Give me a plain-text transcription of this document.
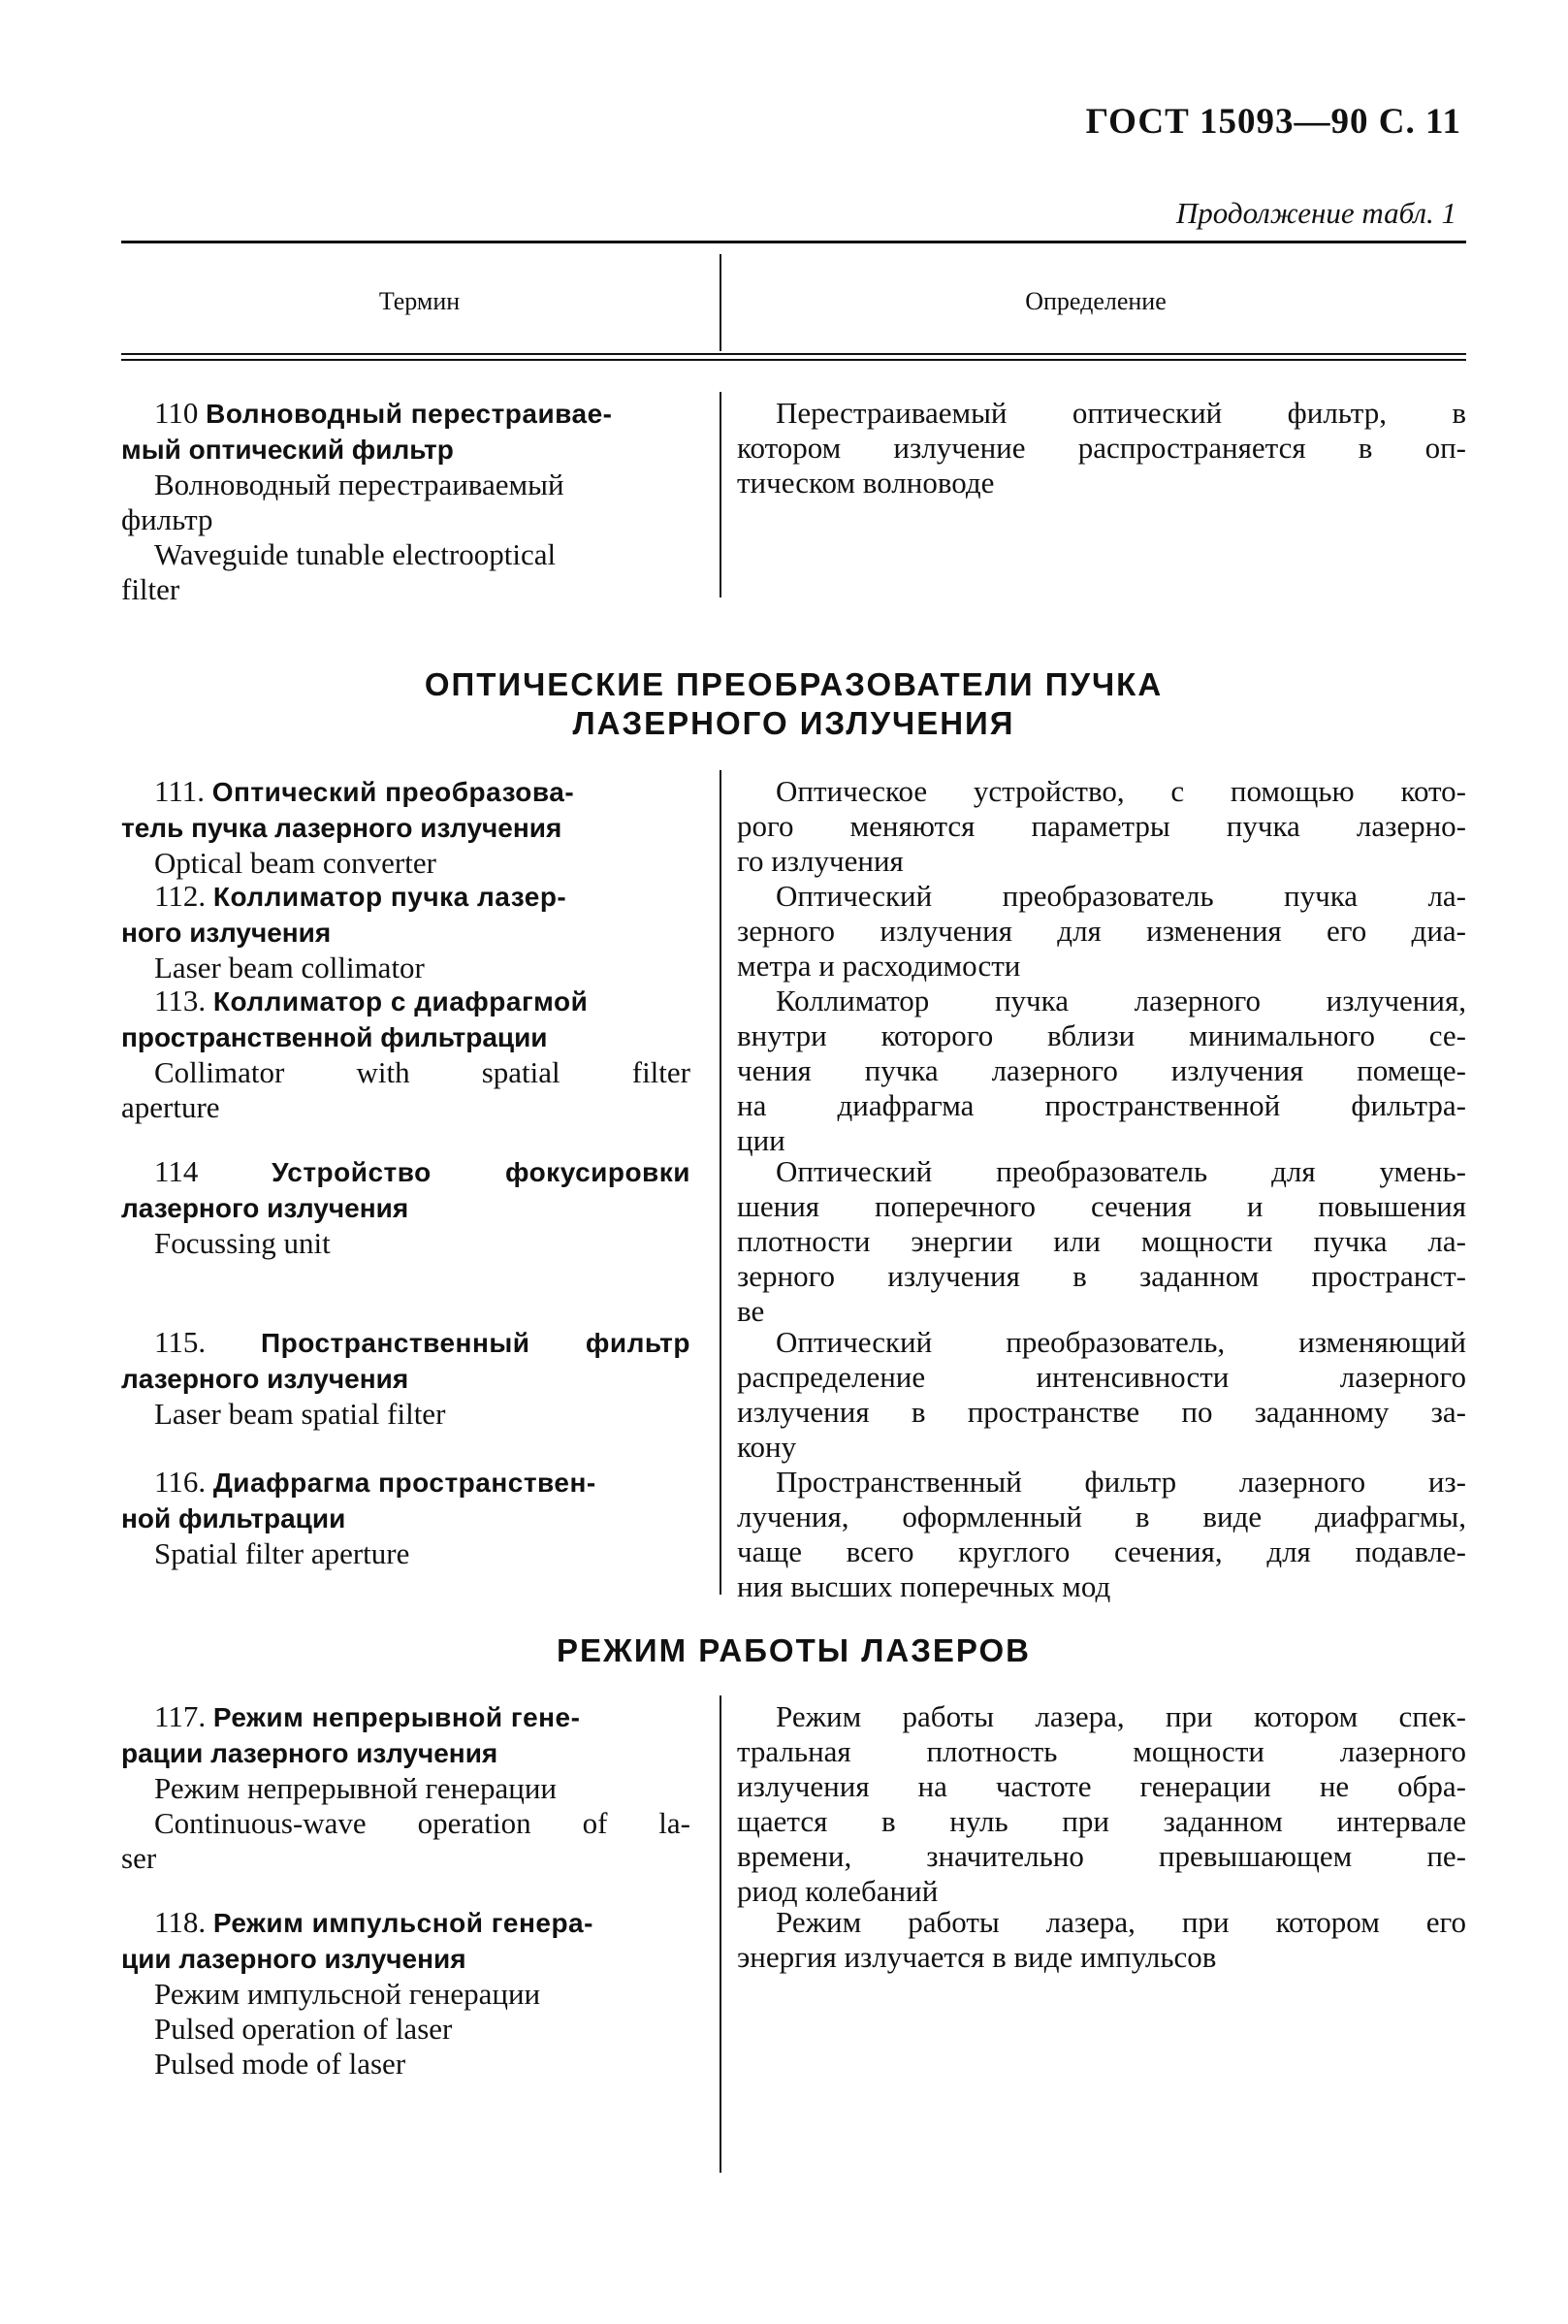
ГОСТ 15093—90 С. 11
Продолжение табл. 1
Термин	Определение
110 Волноводный перестраивае-
мый оптический фильтр
Волноводный перестраиваемый
фильтр
Waveguide tunable electrooptical
filter
Перестраиваемый оптический фильтр, в
котором излучение распространяется в оп-
тическом волноводе
ОПТИЧЕСКИЕ ПРЕОБРАЗОВАТЕЛИ ПУЧКА
ЛАЗЕРНОГО ИЗЛУЧЕНИЯ
111. Оптический преобразова-
тель пучка лазерного излучения
Optical beam converter
Оптическое устройство, с помощью кото-
рого меняются параметры пучка лазерно-
го излучения
112. Коллиматор пучка лазер-
ного излучения
Laser beam collimator
Оптический преобразователь пучка ла-
зерного излучения для изменения его диа-
метра и расходимости
113. Коллиматор с диафрагмой
пространственной фильтрации
Collimator with spatial filter
aperture
Коллиматор пучка лазерного излучения,
внутри которого вблизи минимального се-
чения пучка лазерного излучения помеще-
на диафрагма пространственной фильтра-
ции
114	Устройство фокусировки
лазерного излучения
Focussing unit
Оптический преобразователь для умень-
шения поперечного сечения и повышения
плотности энергии или мощности пучка ла-
зерного излучения в заданном пространст-
ве
115. Пространственный фильтр
лазерного излучения
Laser beam spatial filter
Оптический преобразователь, изменяющий
распределение интенсивности лазерного
излучения в пространстве по заданному за-
кону
116. Диафрагма пространствен-
ной фильтрации
Spatial filter aperture
Пространственный фильтр лазерного из-
лучения, оформленный в виде диафрагмы,
чаще всего круглого сечения, для подавле-
ния высших поперечных мод
РЕЖИМ РАБОТЫ ЛАЗЕРОВ
117. Режим непрерывной гене-
рации лазерного излучения
Режим непрерывной генерации
Continuous-wave operation of la-
ser
Режим работы лазера, при котором спек-
тральная плотность мощности лазерного
излучения на частоте генерации не обра-
щается в нуль при заданном интервале
времени, значительно превышающем пе-
риод колебаний
118. Режим импульсной генера-
ции лазерного излучения
Режим импульсной генерации
Pulsed operation of laser
Pulsed mode of laser
Режим работы лазера, при котором его
энергия излучается в виде импульсов
